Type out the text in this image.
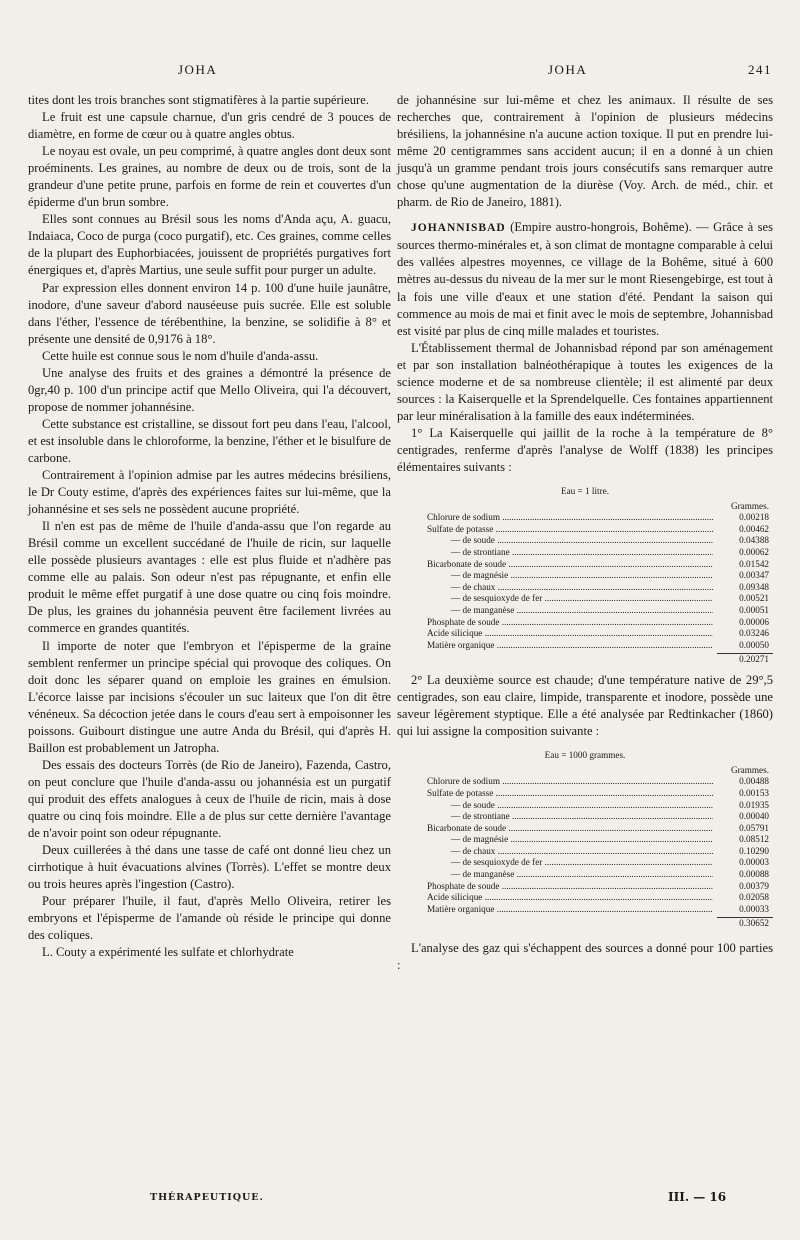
JOHA	JOHA	241

tites dont les trois branches sont stigmatifères à la partie supérieure.

Le fruit est une capsule charnue, d'un gris cendré de 3 pouces de diamètre, en forme de cœur ou à quatre angles obtus.

Le noyau est ovale, un peu comprimé, à quatre angles dont deux sont proéminents. Les graines, au nombre de deux ou de trois, sont de la grandeur d'une petite prune, parfois en forme de rein et couvertes d'un épiderme d'un brun sombre.

Elles sont connues au Brésil sous les noms d'Anda açu, A. guacu, Indaiaca, Coco de purga (coco purgatif), etc. Ces graines, comme celles de la plupart des Euphorbiacées, jouissent de propriétés purgatives fort énergiques et, d'après Martius, une seule suffit pour purger un adulte.

Par expression elles donnent environ 14 p. 100 d'une huile jaunâtre, inodore, d'une saveur d'abord nauséeuse puis sucrée. Elle est soluble dans l'éther, l'essence de térébenthine, la benzine, se solidifie à 8° et présente une densité de 0,9176 à 18°.

Cette huile est connue sous le nom d'huile d'anda-assu.

Une analyse des fruits et des graines a démontré la présence de 0gr,40 p. 100 d'un principe actif que Mello Oliveira, qui l'a découvert, propose de nommer johannésine.

Cette substance est cristalline, se dissout fort peu dans l'eau, l'alcool, et est insoluble dans le chloroforme, la benzine, l'éther et le bisulfure de carbone.

Contrairement à l'opinion admise par les autres médecins brésiliens, le Dr Couty estime, d'après des expériences faites sur lui-même, que la johannésine et ses sels ne possèdent aucune propriété.

Il n'en est pas de même de l'huile d'anda-assu que l'on regarde au Brésil comme un excellent succédané de l'huile de ricin, sur laquelle elle possède plusieurs avantages : elle est plus fluide et n'adhère pas comme elle au palais. Son odeur n'est pas répugnante, et enfin elle produit le même effet purgatif à une dose quatre ou cinq fois moindre. De plus, les graines du johannésia peuvent être facilement livrées au commerce en grandes quantités.

Il importe de noter que l'embryon et l'épisperme de la graine semblent renfermer un principe spécial qui provoque des coliques. On doit donc les séparer quand on emploie les graines en émulsion. L'écorce laisse par incisions s'écouler un suc laiteux que l'on dit être vénéneux. Sa décoction jetée dans le cours d'eau sert à empoisonner les poissons. Guibourt distingue une autre Anda du Brésil, qui d'après H. Baillon est probablement un Jatropha.

Des essais des docteurs Torrès (de Rio de Janeiro), Fazenda, Castro, on peut conclure que l'huile d'anda-assu ou johannésia est un purgatif qui produit des effets analogues à ceux de l'huile de ricin, mais à dose quatre ou cinq fois moindre. Elle a de plus sur cette dernière l'avantage de n'avoir point son odeur répugnante.

Deux cuillerées à thé dans une tasse de café ont donné lieu chez un cirrhotique à huit évacuations alvines (Torrès). L'effet se montre deux ou trois heures après l'ingestion (Castro).

Pour préparer l'huile, il faut, d'après Mello Oliveira, retirer les embryons et l'épisperme de l'amande où réside le principe qui donne des coliques.

L. Couty a expérimenté les sulfate et chlorhydrate

de johannésine sur lui-même et chez les animaux. Il résulte de ses recherches que, contrairement à l'opinion de plusieurs médecins brésiliens, la johannésine n'a aucune action toxique. Il put en prendre lui-même 20 centigrammes sans accident aucun; il en a donné à un chien jusqu'à un gramme pendant trois jours consécutifs sans remarquer autre chose qu'une augmentation de la diurèse (Voy. Arch. de méd., chir. et pharm. de Rio de Janeiro, 1881).

JOHANNISBAD (Empire austro-hongrois, Bohême). — Grâce à ses sources thermo-minérales et, à son climat de montagne comparable à celui des vallées alpestres moyennes, ce village de la Bohême, situé à 600 mètres au-dessus du niveau de la mer sur le mont Riesengebirge, est tout à la fois une ville d'eaux et une station d'été. Pendant la saison qui commence au mois de mai et finit avec le mois de septembre, Johannisbad est visité par plus de cinq mille malades et touristes.

L'Établissement thermal de Johannisbad répond par son aménagement et par son installation balnéothérapique à toutes les exigences de la science moderne et de sa nombreuse clientèle; il est alimenté par deux sources : la Kaiserquelle et la Sprendelquelle. Ces fontaines appartiennent par leur minéralisation à la famille des eaux indéterminées.

1° La Kaiserquelle qui jaillit de la roche à la température de 8° centigrades, renferme d'après l'analyse de Wolff (1838) les principes élémentaires suivants :

Eau = 1 litre.
Grammes.
Chlorure de sodium .....	0.00218
Sulfate de potasse .....	0.00462
— de soude .....	0.04388
— de strontiane .....	0.00062
Bicarbonate de soude .....	0.01542
— de magnésie .....	0.00347
— de chaux .....	0.09348
— de sesquioxyde de fer .....	0.00521
— de manganèse .....	0.00051
Phosphate de soude .....	0.00006
Acide silicique .....	0.03246
Matière organique .....	0.00050
0.20271

2° La deuxième source est chaude; d'une température native de 29°,5 centigrades, son eau claire, limpide, transparente et inodore, possède une saveur légèrement styptique. Elle a été analysée par Redtinkacher (1860) qui lui assigne la composition suivante :

Eau = 1000 grammes.
Grammes.
Chlorure de sodium .....	0.00488
Sulfate de potasse .....	0.00153
— de soude .....	0.01935
— de strontiane .....	0.00040
Bicarbonate de soude .....	0.05791
— de magnésie .....	0.08512
— de chaux .....	0.10290
— de sesquioxyde de fer .....	0.00003
— de manganèse .....	0.00088
Phosphate de soude .....	0.00379
Acide silicique .....	0.02058
Matière organique .....	0.00033
0.30652

L'analyse des gaz qui s'échappent des sources a donné pour 100 parties :

THÉRAPEUTIQUE.	III. — 16
